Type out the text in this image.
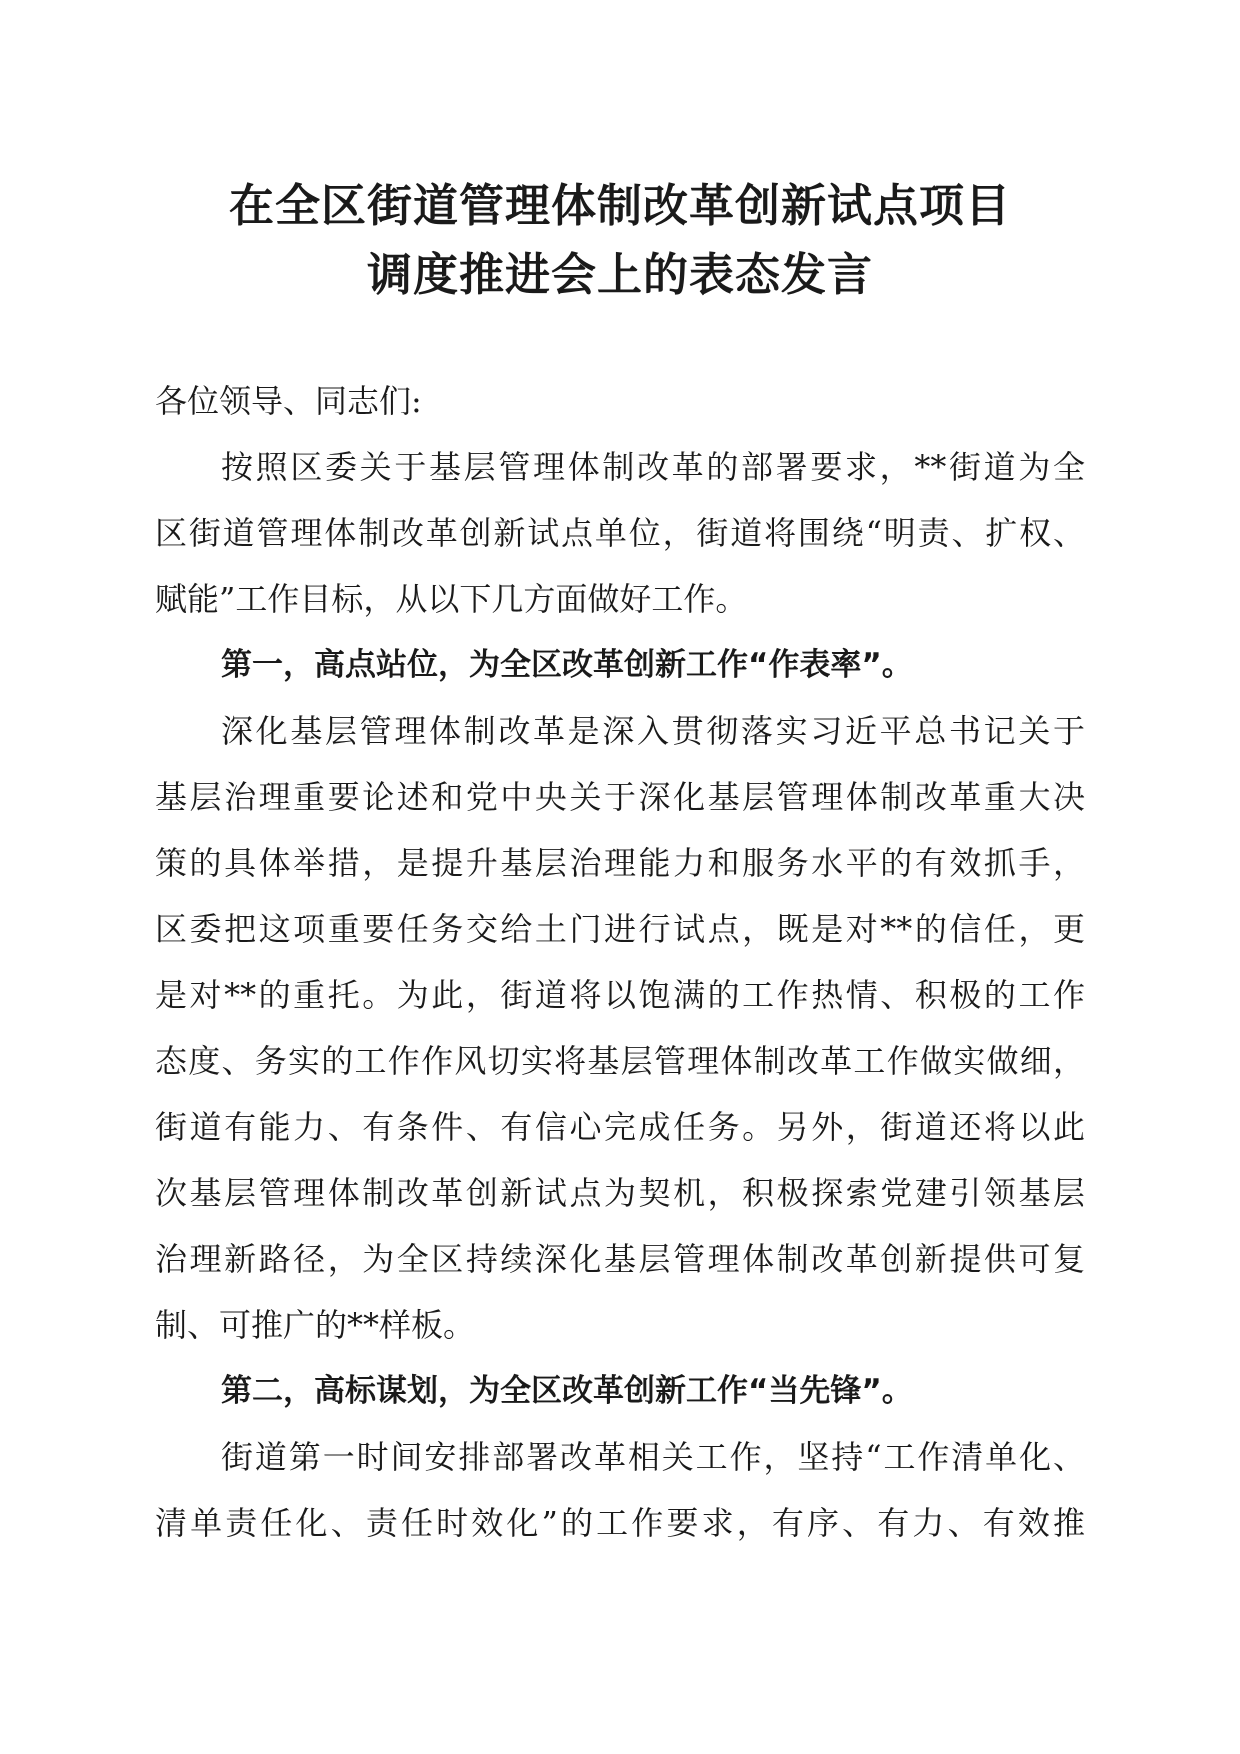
在全区街道管理体制改革创新试点项目
调度推进会上的表态发言
各位领导、同志们:
按照区委关于基层管理体制改革的部署要求，**街道为全
区街道管理体制改革创新试点单位，街道将围绕“明责、扩权、
赋能”工作目标，从以下几方面做好工作。
第一，高点站位，为全区改革创新工作“作表率”。
深化基层管理体制改革是深入贯彻落实习近平总书记关于
基层治理重要论述和党中央关于深化基层管理体制改革重大决
策的具体举措，是提升基层治理能力和服务水平的有效抓手，
区委把这项重要任务交给土门进行试点，既是对**的信任，更
是对**的重托。为此，街道将以饱满的工作热情、积极的工作
态度、务实的工作作风切实将基层管理体制改革工作做实做细，
街道有能力、有条件、有信心完成任务。另外，街道还将以此
次基层管理体制改革创新试点为契机，积极探索党建引领基层
治理新路径，为全区持续深化基层管理体制改革创新提供可复
制、可推广的**样板。
第二，高标谋划，为全区改革创新工作“当先锋”。
街道第一时间安排部署改革相关工作，坚持“工作清单化、
清单责任化、责任时效化”的工作要求，有序、有力、有效推
